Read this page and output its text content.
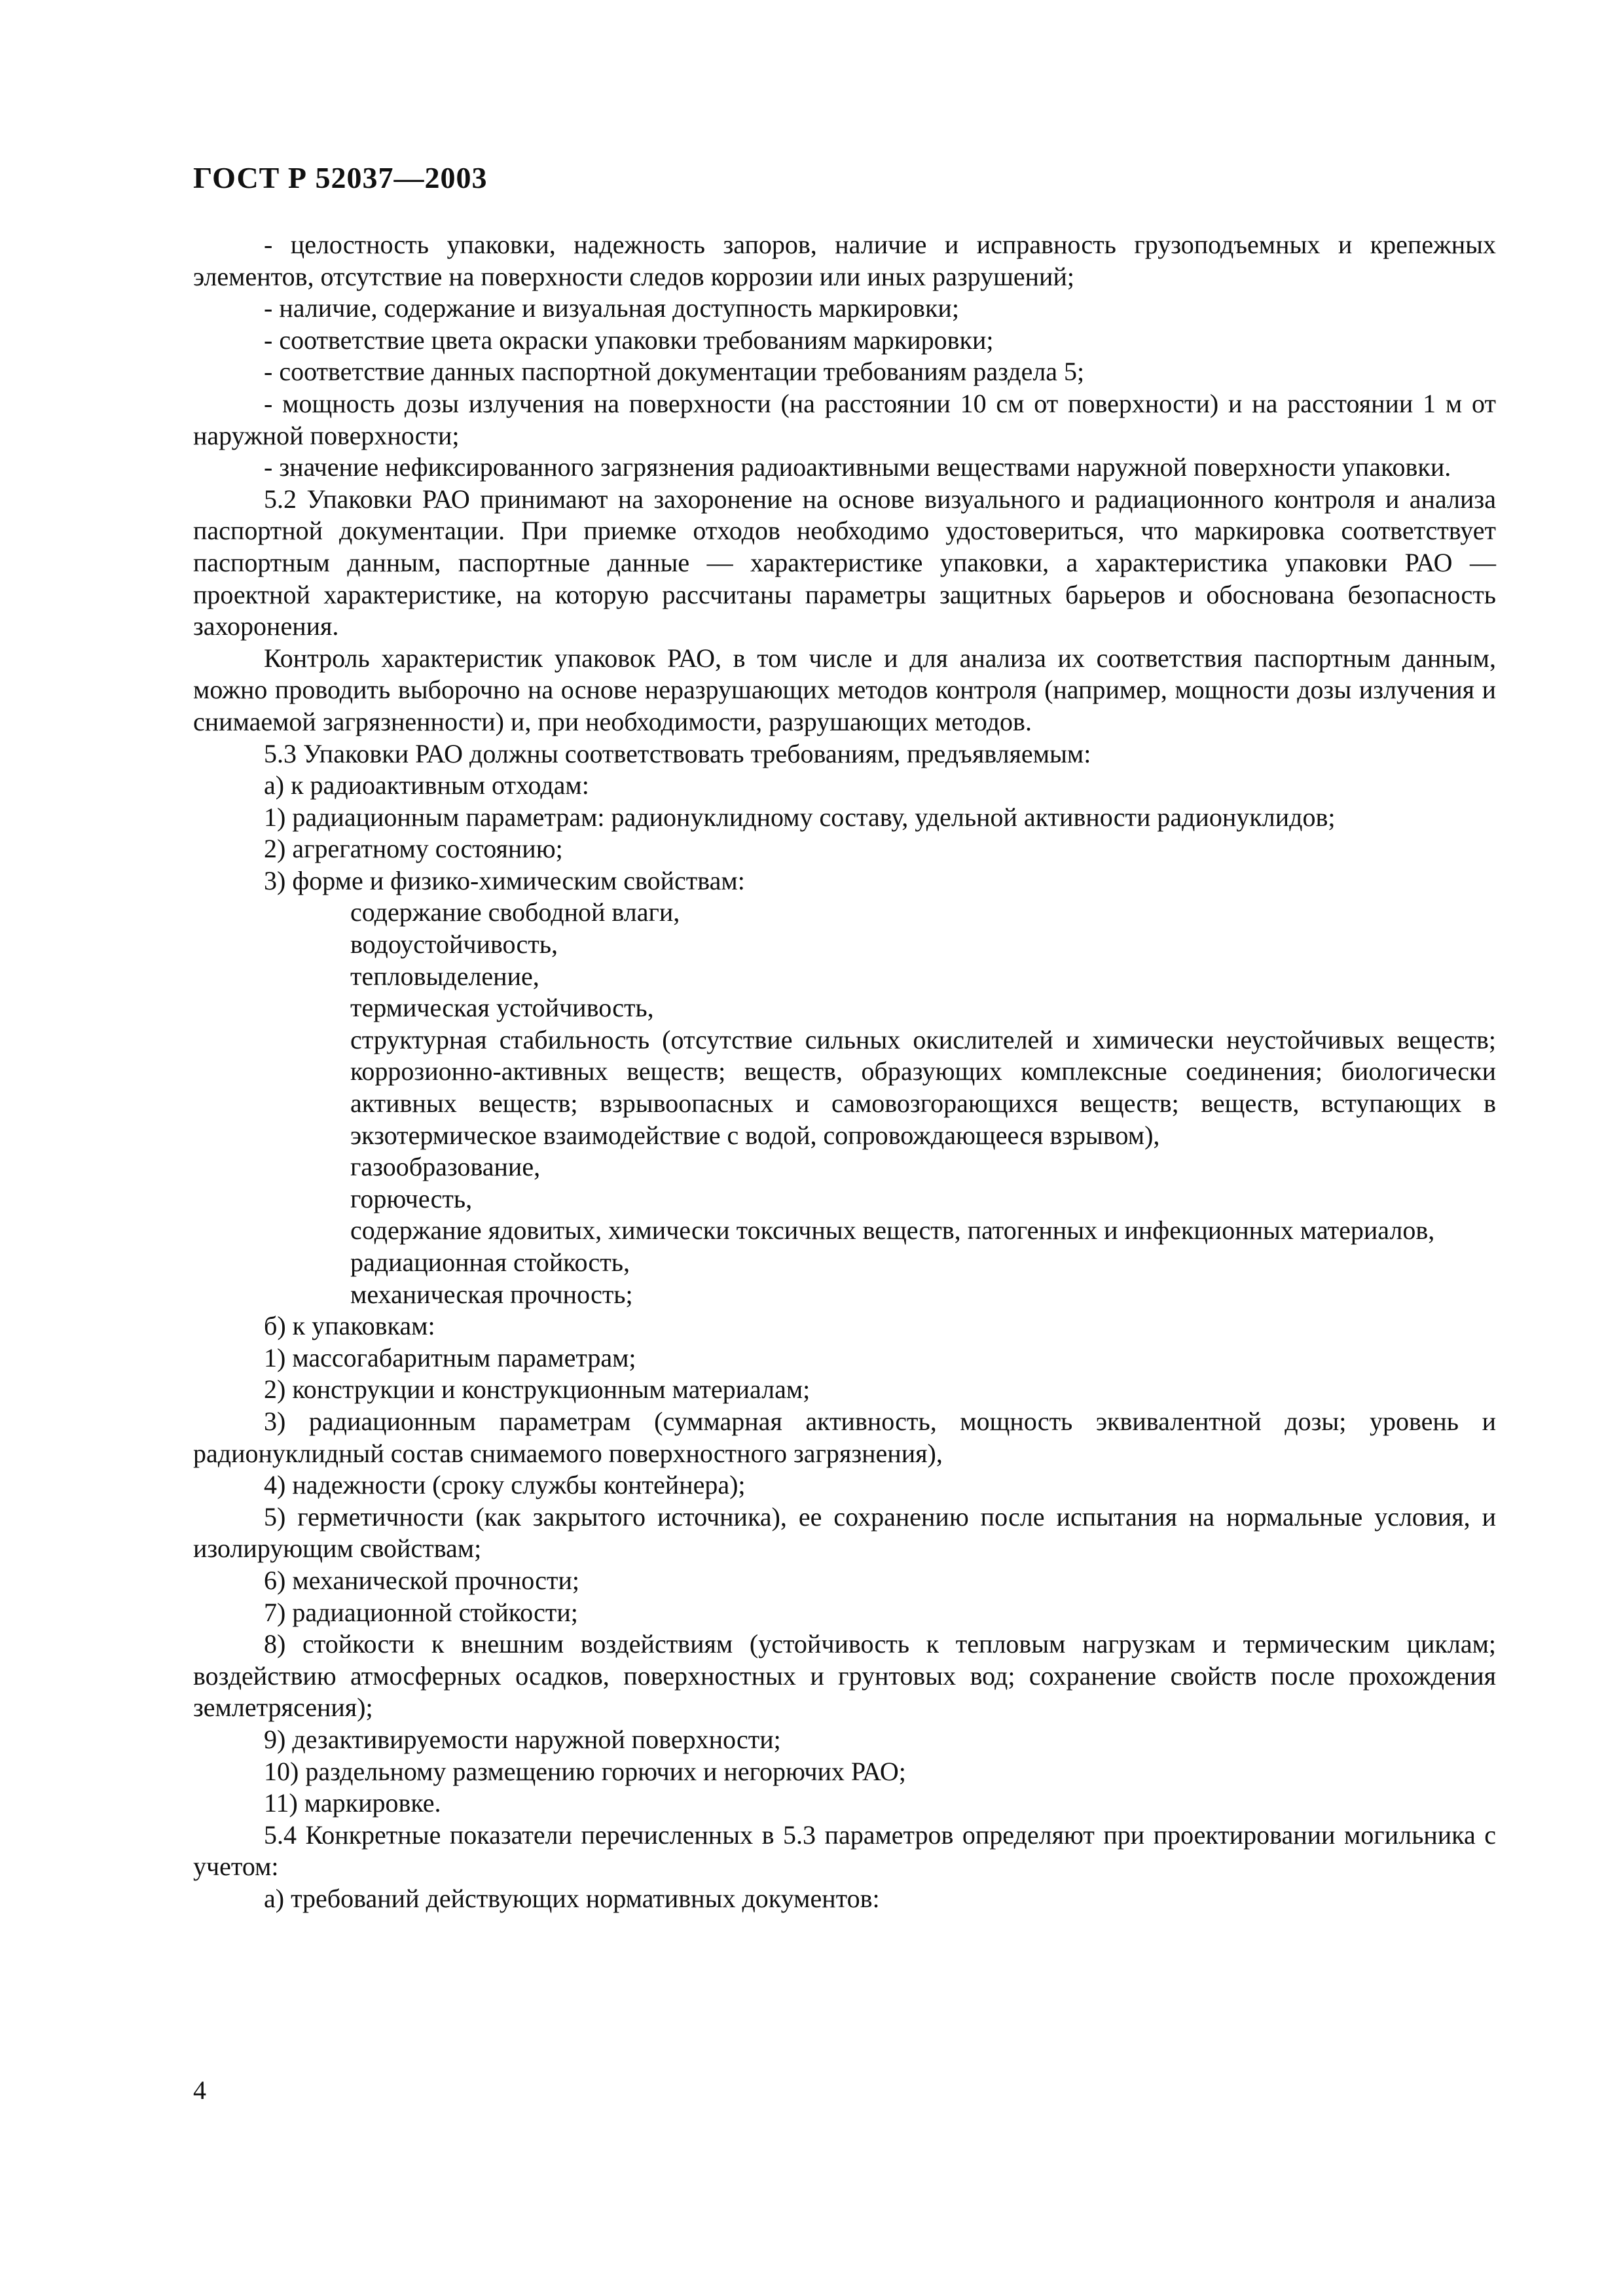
ГОСТ Р 52037—2003

- целостность упаковки, надежность запоров, наличие и исправность грузоподъемных и крепежных элементов, отсутствие на поверхности следов коррозии или иных разрушений;

- наличие, содержание и визуальная доступность маркировки;

- соответствие цвета окраски упаковки требованиям маркировки;

- соответствие данных паспортной документации требованиям раздела 5;

- мощность дозы излучения на поверхности (на расстоянии 10 см от поверхности) и на расстоянии 1 м от наружной поверхности;

- значение нефиксированного загрязнения радиоактивными веществами наружной поверхности упаковки.

5.2 Упаковки РАО принимают на захоронение на основе визуального и радиационного контроля и анализа паспортной документации. При приемке отходов необходимо удостовериться, что маркировка соответствует паспортным данным, паспортные данные — характеристике упаковки, а характеристика упаковки РАО — проектной характеристике, на которую рассчитаны параметры защитных барьеров и обоснована безопасность захоронения.

Контроль характеристик упаковок РАО, в том числе и для анализа их соответствия паспортным данным, можно проводить выборочно на основе неразрушающих методов контроля (например, мощности дозы излучения и снимаемой загрязненности) и, при необходимости, разрушающих методов.

5.3 Упаковки РАО должны соответствовать требованиям, предъявляемым:

а) к радиоактивным отходам:

1) радиационным параметрам: радионуклидному составу, удельной активности радионуклидов;

2) агрегатному состоянию;

3) форме и физико-химическим свойствам:

содержание свободной влаги,

водоустойчивость,

тепловыделение,

термическая устойчивость,

структурная стабильность (отсутствие сильных окислителей и химически неустойчивых веществ; коррозионно-активных веществ; веществ, образующих комплексные соединения; биологически активных веществ; взрывоопасных и самовозгорающихся веществ; веществ, вступающих в экзотермическое взаимодействие с водой, сопровождающееся взрывом),

газообразование,

горючесть,

содержание ядовитых, химически токсичных веществ, патогенных и инфекционных материалов,

радиационная стойкость,

механическая прочность;

б) к упаковкам:

1) массогабаритным параметрам;

2) конструкции и конструкционным материалам;

3) радиационным параметрам (суммарная активность, мощность эквивалентной дозы; уровень и радионуклидный состав снимаемого поверхностного загрязнения),

4) надежности (сроку службы контейнера);

5) герметичности (как закрытого источника), ее сохранению после испытания на нормальные условия, и изолирующим свойствам;

6) механической прочности;

7) радиационной стойкости;

8) стойкости к внешним воздействиям (устойчивость к тепловым нагрузкам и термическим циклам; воздействию атмосферных осадков, поверхностных и грунтовых вод; сохранение свойств после прохождения землетрясения);

9) дезактивируемости наружной поверхности;

10) раздельному размещению горючих и негорючих РАО;

11) маркировке.

5.4 Конкретные показатели перечисленных в 5.3 параметров определяют при проектировании могильника с учетом:

а) требований действующих нормативных документов:

4
